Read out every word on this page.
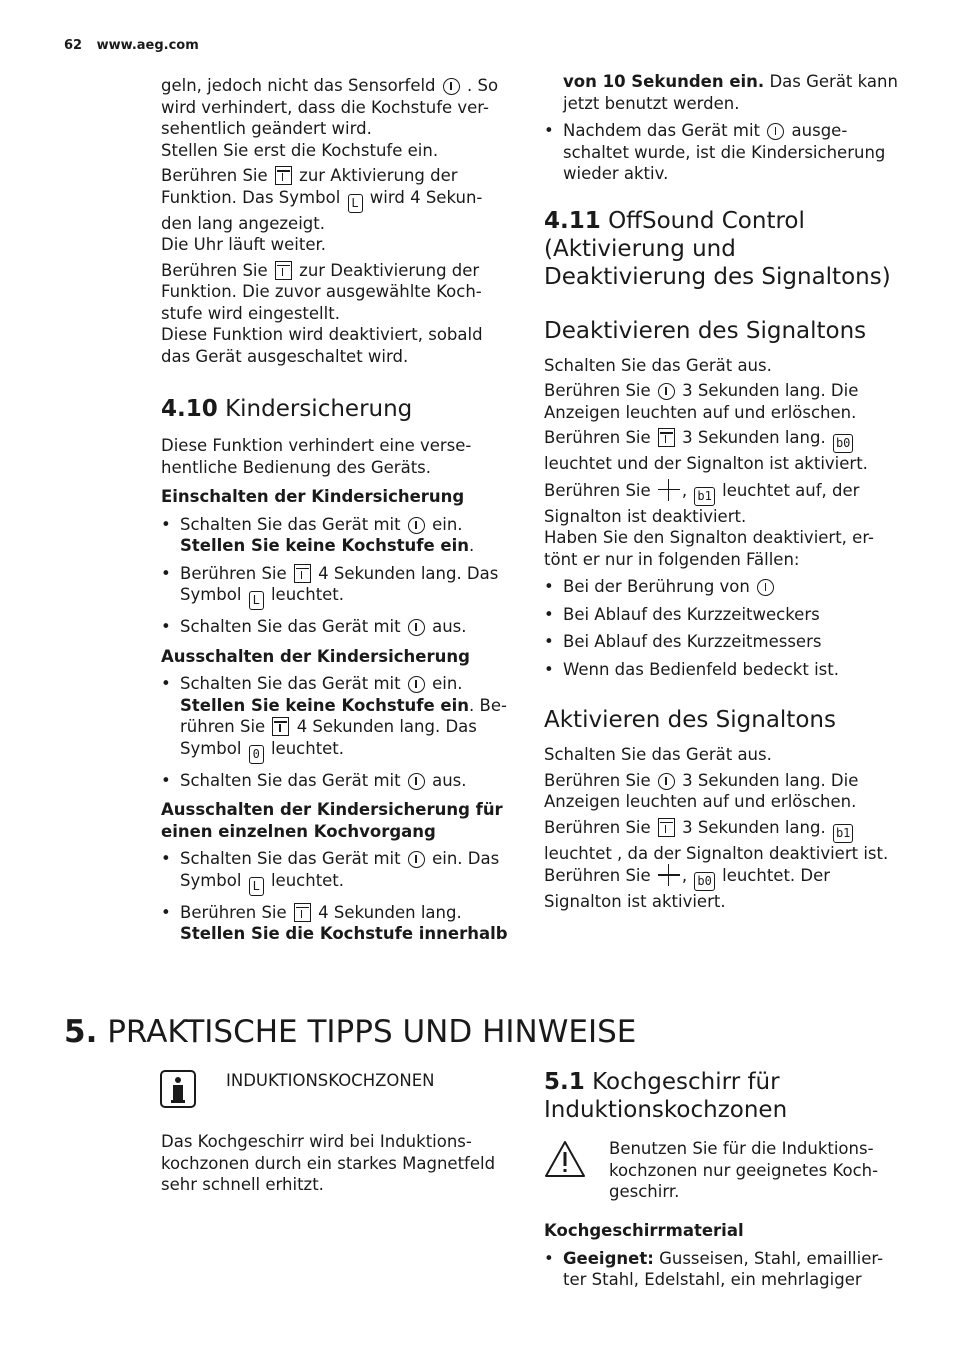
62 www.aeg.com

geln, jedoch nicht das Sensorfeld . So wird verhindert, dass die Kochstufe ver-sehentlich geändert wird.

Stellen Sie erst die Kochstufe ein.

Berühren Sie zur Aktivierung der Funktion. Das Symbol L wird 4 Sekun-den lang angezeigt.

Die Uhr läuft weiter.

Berühren Sie zur Deaktivierung der Funktion. Die zuvor ausgewählte Koch-stufe wird eingestellt.

Diese Funktion wird deaktiviert, sobald das Gerät ausgeschaltet wird.

4.10 Kindersicherung

Diese Funktion verhindert eine verse-hentliche Bedienung des Geräts.

Einschalten der Kindersicherung

• Schalten Sie das Gerät mit ein. Stellen Sie keine Kochstufe ein.
• Berühren Sie 4 Sekunden lang. Das Symbol L leuchtet.
• Schalten Sie das Gerät mit aus.

Ausschalten der Kindersicherung

• Schalten Sie das Gerät mit ein. Stellen Sie keine Kochstufe ein. Be-rühren Sie 4 Sekunden lang. Das Symbol 0 leuchtet.
• Schalten Sie das Gerät mit aus.

Ausschalten der Kindersicherung für einen einzelnen Kochvorgang

• Schalten Sie das Gerät mit ein. Das Symbol L leuchtet.
• Berühren Sie 4 Sekunden lang. Stellen Sie die Kochstufe innerhalb

von 10 Sekunden ein. Das Gerät kann jetzt benutzt werden.

• Nachdem das Gerät mit ausge-schaltet wurde, ist die Kindersicherung wieder aktiv.
4.11 OffSound Control (Aktivierung und Deaktivierung des Signaltons)
Deaktivieren des Signaltons

Schalten Sie das Gerät aus.

Berühren Sie 3 Sekunden lang. Die Anzeigen leuchten auf und erlöschen.

Berühren Sie 3 Sekunden lang. b0 leuchtet und der Signalton ist aktiviert.

Berühren Sie , b1 leuchtet auf, der Signalton ist deaktiviert.

Haben Sie den Signalton deaktiviert, er-tönt er nur in folgenden Fällen:

• Bei der Berührung von
• Bei Ablauf des Kurzzeitweckers
• Bei Ablauf des Kurzzeitmessers
• Wenn das Bedienfeld bedeckt ist.
Aktivieren des Signaltons

Schalten Sie das Gerät aus.

Berühren Sie 3 Sekunden lang. Die Anzeigen leuchten auf und erlöschen.

Berühren Sie 3 Sekunden lang. b1 leuchtet , da der Signalton deaktiviert ist. Berühren Sie , b0 leuchtet. Der Signalton ist aktiviert.

5. PRAKTISCHE TIPPS UND HINWEISE
INDUKTIONSKOCHZONEN
Das Kochgeschirr wird bei Induktions-kochzonen durch ein starkes Magnetfeld sehr schnell erhitzt.
5.1 Kochgeschirr für Induktionskochzonen
Benutzen Sie für die Induktions-kochzonen nur geeignetes Koch-geschirr.

Kochgeschirrmaterial

• Geeignet: Gusseisen, Stahl, emaillier-ter Stahl, Edelstahl, ein mehrlagiger
